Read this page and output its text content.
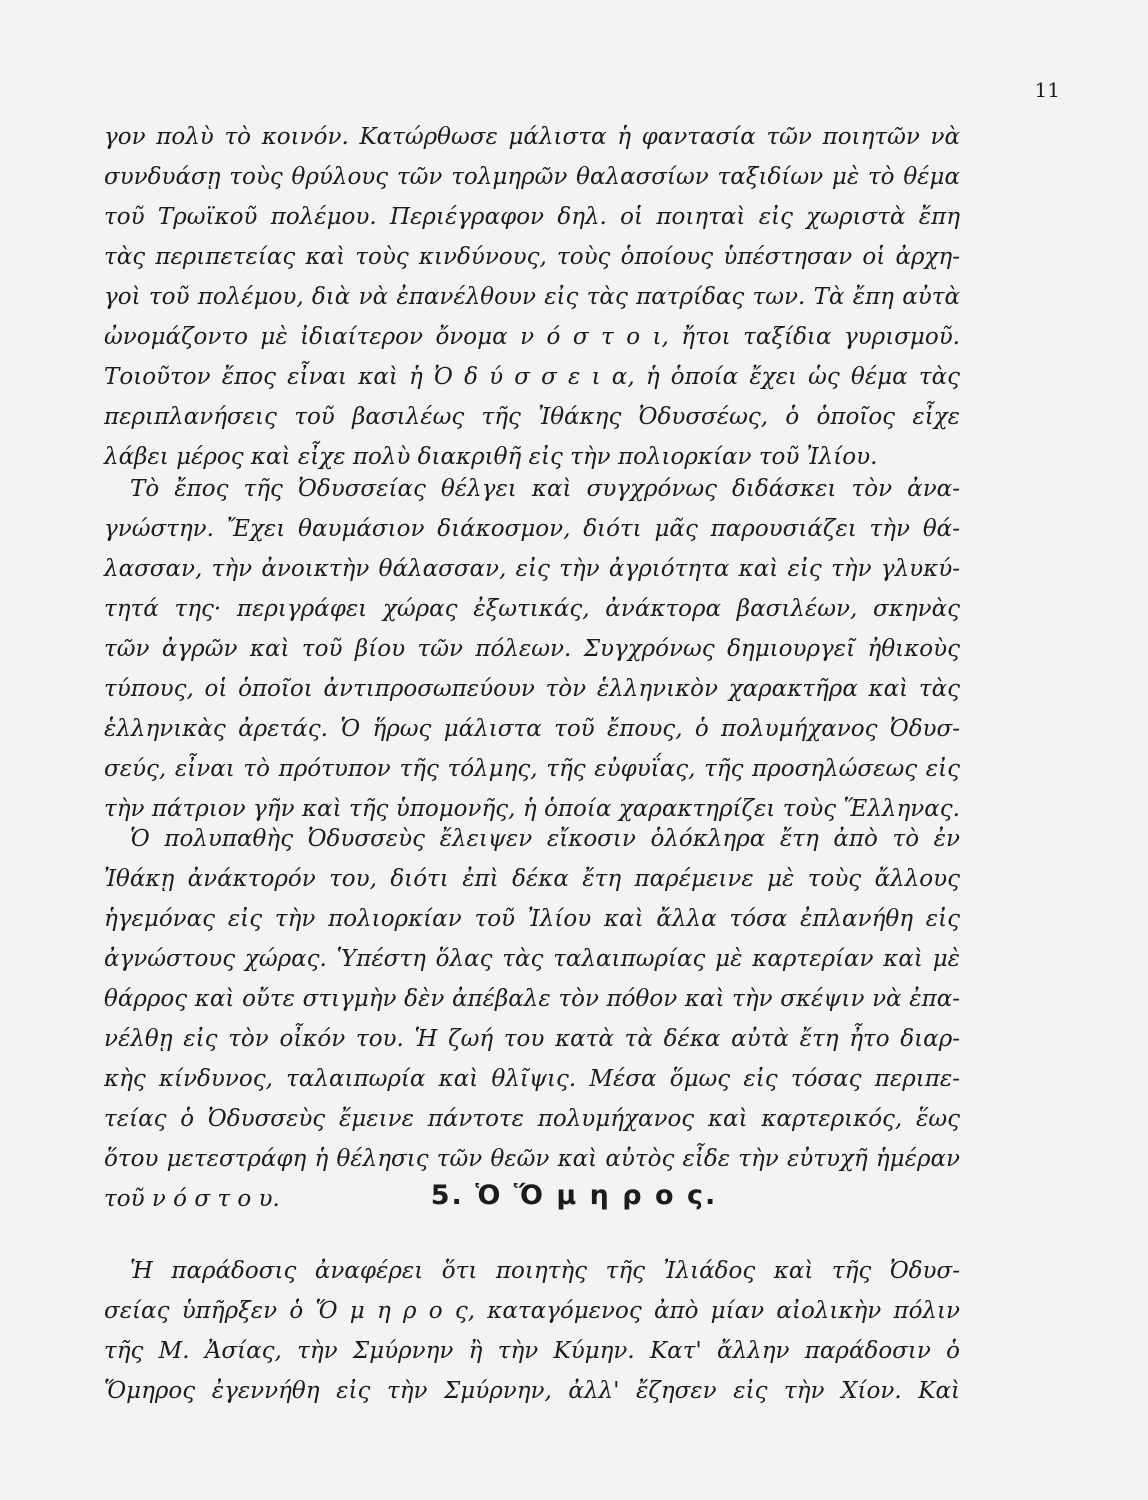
11
γον πολὺ τὸ κοινόν. Κατώρθωσε μάλιστα ἡ φαντασία τῶν ποιητῶν νὰ
συνδυάσῃ τοὺς θρύλους τῶν τολμηρῶν θαλασσίων ταξιδίων μὲ τὸ θέμα
τοῦ Τρωϊκοῦ πολέμου. Περιέγραφον δηλ. οἱ ποιηταὶ εἰς χωριστὰ ἔπη
τὰς περιπετείας καὶ τοὺς κινδύνους, τοὺς ὁποίους ὑπέστησαν οἱ ἀρχη-
γοὶ τοῦ πολέμου, διὰ νὰ ἐπανέλθουν εἰς τὰς πατρίδας των. Τὰ ἔπη αὐτὰ
ὠνομάζοντο μὲ ἰδιαίτερον ὄνομα ν ό σ τ ο ι, ἤτοι ταξίδια γυρισμοῦ.
Τοιοῦτον ἔπος εἶναι καὶ ἡ Ὀ δ ύ σ σ ε ι α, ἡ ὁποία ἔχει ὡς θέμα τὰς
περιπλανήσεις τοῦ βασιλέως τῆς Ἰθάκης Ὀδυσσέως, ὁ ὁποῖος εἶχε
λάβει μέρος καὶ εἶχε πολὺ διακριθῆ εἰς τὴν πολιορκίαν τοῦ Ἰλίου.
Τὸ ἔπος τῆς Ὀδυσσείας θέλγει καὶ συγχρόνως διδάσκει τὸν ἀνα-
γνώστην. Ἔχει θαυμάσιον διάκοσμον, διότι μᾶς παρουσιάζει τὴν θά-
λασσαν, τὴν ἀνοικτὴν θάλασσαν, εἰς τὴν ἀγριότητα καὶ εἰς τὴν γλυκύ-
τητά της· περιγράφει χώρας ἐξωτικάς, ἀνάκτορα βασιλέων, σκηνὰς
τῶν ἀγρῶν καὶ τοῦ βίου τῶν πόλεων. Συγχρόνως δημιουργεῖ ἠθικοὺς
τύπους, οἱ ὁποῖοι ἀντιπροσωπεύουν τὸν ἑλληνικὸν χαρακτῆρα καὶ τὰς
ἑλληνικὰς ἀρετάς. Ὁ ἥρως μάλιστα τοῦ ἔπους, ὁ πολυμήχανος Ὀδυσ-
σεύς, εἶναι τὸ πρότυπον τῆς τόλμης, τῆς εὐφυΐας, τῆς προσηλώσεως εἰς
τὴν πάτριον γῆν καὶ τῆς ὑπομονῆς, ἡ ὁποία χαρακτηρίζει τοὺς Ἕλληνας.
Ὁ πολυπαθὴς Ὀδυσσεὺς ἔλειψεν εἴκοσιν ὁλόκληρα ἔτη ἀπὸ τὸ ἐν
Ἰθάκῃ ἀνάκτορόν του, διότι ἐπὶ δέκα ἔτη παρέμεινε μὲ τοὺς ἄλλους
ἡγεμόνας εἰς τὴν πολιορκίαν τοῦ Ἰλίου καὶ ἄλλα τόσα ἐπλανήθη εἰς
ἀγνώστους χώρας. Ὑπέστη ὅλας τὰς ταλαιπωρίας μὲ καρτερίαν καὶ μὲ
θάρρος καὶ οὔτε στιγμὴν δὲν ἀπέβαλε τὸν πόθον καὶ τὴν σκέψιν νὰ ἐπα-
νέλθῃ εἰς τὸν οἶκόν του. Ἡ ζωή του κατὰ τὰ δέκα αὐτὰ ἔτη ἦτο διαρ-
κὴς κίνδυνος, ταλαιπωρία καὶ θλῖψις. Μέσα ὅμως εἰς τόσας περιπε-
τείας ὁ Ὀδυσσεὺς ἔμεινε πάντοτε πολυμήχανος καὶ καρτερικός, ἕως
ὅτου μετεστράφη ἡ θέλησις τῶν θεῶν καὶ αὐτὸς εἶδε τὴν εὐτυχῆ ἡμέραν
τοῦ ν ό σ τ ο υ.	5. Ὁ Ὅ μ η ρ ο ς.
Ἡ παράδοσις ἀναφέρει ὅτι ποιητὴς τῆς Ἰλιάδος καὶ τῆς Ὀδυσ-
σείας ὑπῆρξεν ὁ Ὅ μ η ρ ο ς, καταγόμενος ἀπὸ μίαν αἰολικὴν πόλιν
τῆς Μ. Ἀσίας, τὴν Σμύρνην ἢ τὴν Κύμην. Κατ' ἄλλην παράδοσιν ὁ
Ὅμηρος ἐγεννήθη εἰς τὴν Σμύρνην, ἀλλ' ἔζησεν εἰς τὴν Χίον. Καὶ
